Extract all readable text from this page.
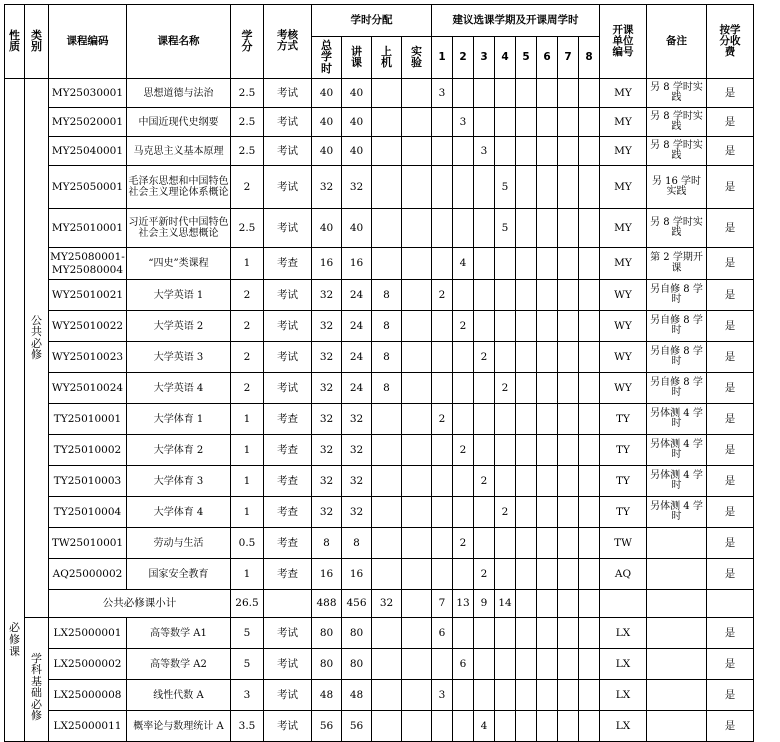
性质	类别	课程编码	课程名称	学分	考核方式	学时分配				建议选课学期及开课周学时								开课单位编号	备注	按学分收费
						总学时	讲课	上机	实验	1	2	3	4	5	6	7	8			
必修课	公共必修	MY25030001	思想道德与法治	2.5	考试	40	40			3								MY	另 8 学时实践	是
		MY25020001	中国近现代史纲要	2.5	考试	40	40				3							MY	另 8 学时实践	是
		MY25040001	马克思主义基本原理	2.5	考试	40	40					3						MY	另 8 学时实践	是
		MY25050001	毛泽东思想和中国特色社会主义理论体系概论	2	考试	32	32						5					MY	另 16 学时实践	是
		MY25010001	习近平新时代中国特色社会主义思想概论	2.5	考试	40	40						5					MY	另 8 学时实践	是
		MY25080001-MY25080004	“四史”类课程	1	考查	16	16				4							MY	第 2 学期开课	是
		WY25010021	大学英语 1	2	考试	32	24	8		2								WY	另自修 8 学时	是
		WY25010022	大学英语 2	2	考试	32	24	8			2							WY	另自修 8 学时	是
		WY25010023	大学英语 3	2	考试	32	24	8				2						WY	另自修 8 学时	是
		WY25010024	大学英语 4	2	考试	32	24	8					2					WY	另自修 8 学时	是
		TY25010001	大学体育 1	1	考查	32	32			2								TY	另体测 4 学时	是
		TY25010002	大学体育 2	1	考查	32	32				2							TY	另体测 4 学时	是
		TY25010003	大学体育 3	1	考查	32	32					2						TY	另体测 4 学时	是
		TY25010004	大学体育 4	1	考查	32	32						2					TY	另体测 4 学时	是
		TW25010001	劳动与生活	0.5	考查	8	8				2							TW		是
		AQ25000002	国家安全教育	1	考查	16	16					2						AQ		是
		公共必修课小计		26.5		488	456	32		7	13	9	14							
	学科基础必修	LX25000001	高等数学 A1	5	考试	80	80			6								LX		是
		LX25000002	高等数学 A2	5	考试	80	80				6							LX		是
		LX25000008	线性代数 A	3	考试	48	48			3								LX		是
		LX25000011	概率论与数理统计 A	3.5	考试	56	56					4						LX		是
